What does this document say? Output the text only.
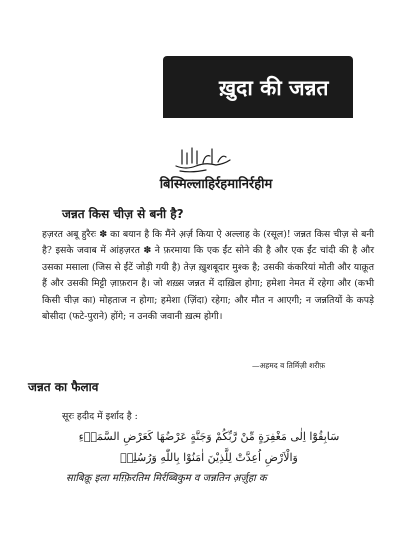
ख़ुदा की जन्नत
बिस्मिल्लाहिर्रहमानिर्रहीम
जन्नत किस चीज़ से बनी है?
हज़रत अबू हुरैरः ✽ का बयान है कि मैंने अ़र्ज़ किया ऐ अल्लाह के (रसूल)! जन्नत किस चीज़ से बनी है? इसके जवाब में आंहज़रत ✽ ने फ़रमाया कि एक ईंट सोने की है और एक ईंट चांदी की है और उसका मसाला (जिस से ईंटें जोड़ी गयी है) तेज़ ख़ुशबूदार मुश्क है; उसकी कंकरियां मोती और याक़ूत हैं और उसकी मिट्टी ज़ाफ़रान है। जो शख़्स जन्नत में दाख़िल होगा; हमेशा नेमत में रहेगा और (कभी किसी चीज़ का) मोहताज न होगा; हमेशा (ज़िंदा) रहेगा; और मौत न आएगी; न जन्नतियों के कपड़े बोसीदा (फटे-पुराने) होंगे; न उनकी जवानी ख़त्म होगी।
—अहमद व तिर्मिज़ी शरीफ़
जन्नत का फैलाव
सूरः हदीद में इर्शाद है :
سَابِقُوْٓا اِلٰى مَغْفِرَةٍ مِّنْ رَّبِّكُمْ وَجَنَّةٍ عَرْضُهَا كَعَرْضِ السَّمَاۗءِ
وَالْاَرْضِ اُعِدَّتْ لِلَّذِيْنَ اٰمَنُوْا بِاللّٰهِ وَرُسُلِهٖ
साबिक़ू इला मग़्फ़िरतिम मिर्रब्बिकुम व जन्नतिन अ़र्ज़ुहा क
